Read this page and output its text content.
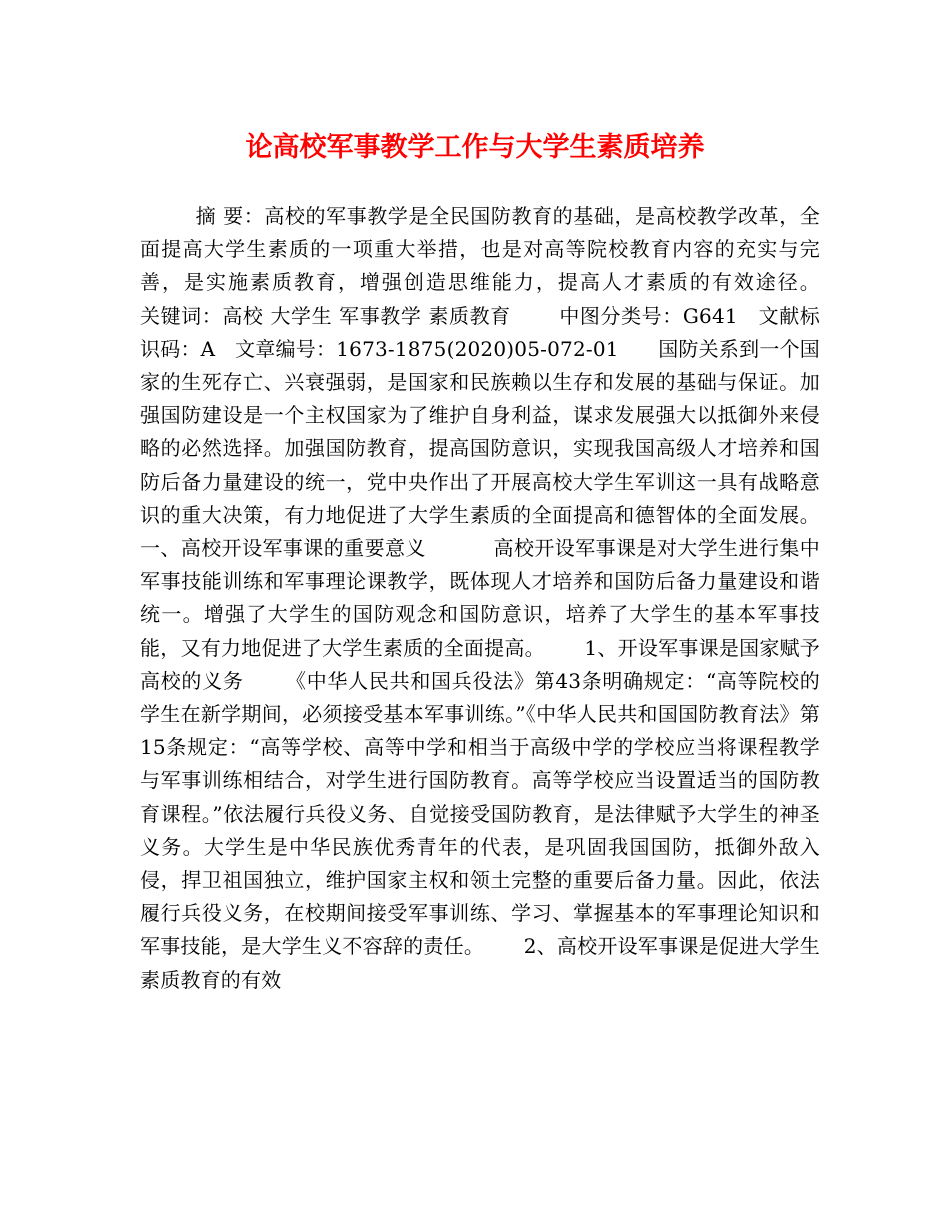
论高校军事教学工作与大学生素质培养

摘 要：高校的军事教学是全民国防教育的基础，是高校教学改革，全面提高大学生素质的一项重大举措，也是对高等院校教育内容的充实与完善，是实施素质教育，增强创造思维能力，提高人才素质的有效途径。       关键词：高校 大学生 军事教学 素质教育       中图分类号：G641   文献标识码：A   文章编号：1673-1875(2020)05-072-01      国防关系到一个国家的生死存亡、兴衰强弱，是国家和民族赖以生存和发展的基础与保证。加强国防建设是一个主权国家为了维护自身利益，谋求发展强大以抵御外来侵略的必然选择。加强国防教育，提高国防意识，实现我国高级人才培养和国防后备力量建设的统一，党中央作出了开展高校大学生军训这一具有战略意识的重大决策，有力地促进了大学生素质的全面提高和德智体的全面发展。          一、高校开设军事课的重要意义          高校开设军事课是对大学生进行集中军事技能训练和军事理论课教学，既体现人才培养和国防后备力量建设和谐统一。增强了大学生的国防观念和国防意识，培养了大学生的基本军事技能，又有力地促进了大学生素质的全面提高。      1、开设军事课是国家赋予高校的义务      《中华人民共和国兵役法》第43条明确规定：“高等院校的学生在新学期间，必须接受基本军事训练。”《中华人民共和国国防教育法》第15条规定：“高等学校、高等中学和相当于高级中学的学校应当将课程教学与军事训练相结合，对学生进行国防教育。高等学校应当设置适当的国防教育课程。”依法履行兵役义务、自觉接受国防教育，是法律赋予大学生的神圣义务。大学生是中华民族优秀青年的代表，是巩固我国国防，抵御外敌入侵，捍卫祖国独立，维护国家主权和领土完整的重要后备力量。因此，依法履行兵役义务，在校期间接受军事训练、学习、掌握基本的军事理论知识和军事技能，是大学生义不容辞的责任。      2、高校开设军事课是促进大学生素质教育的有效
